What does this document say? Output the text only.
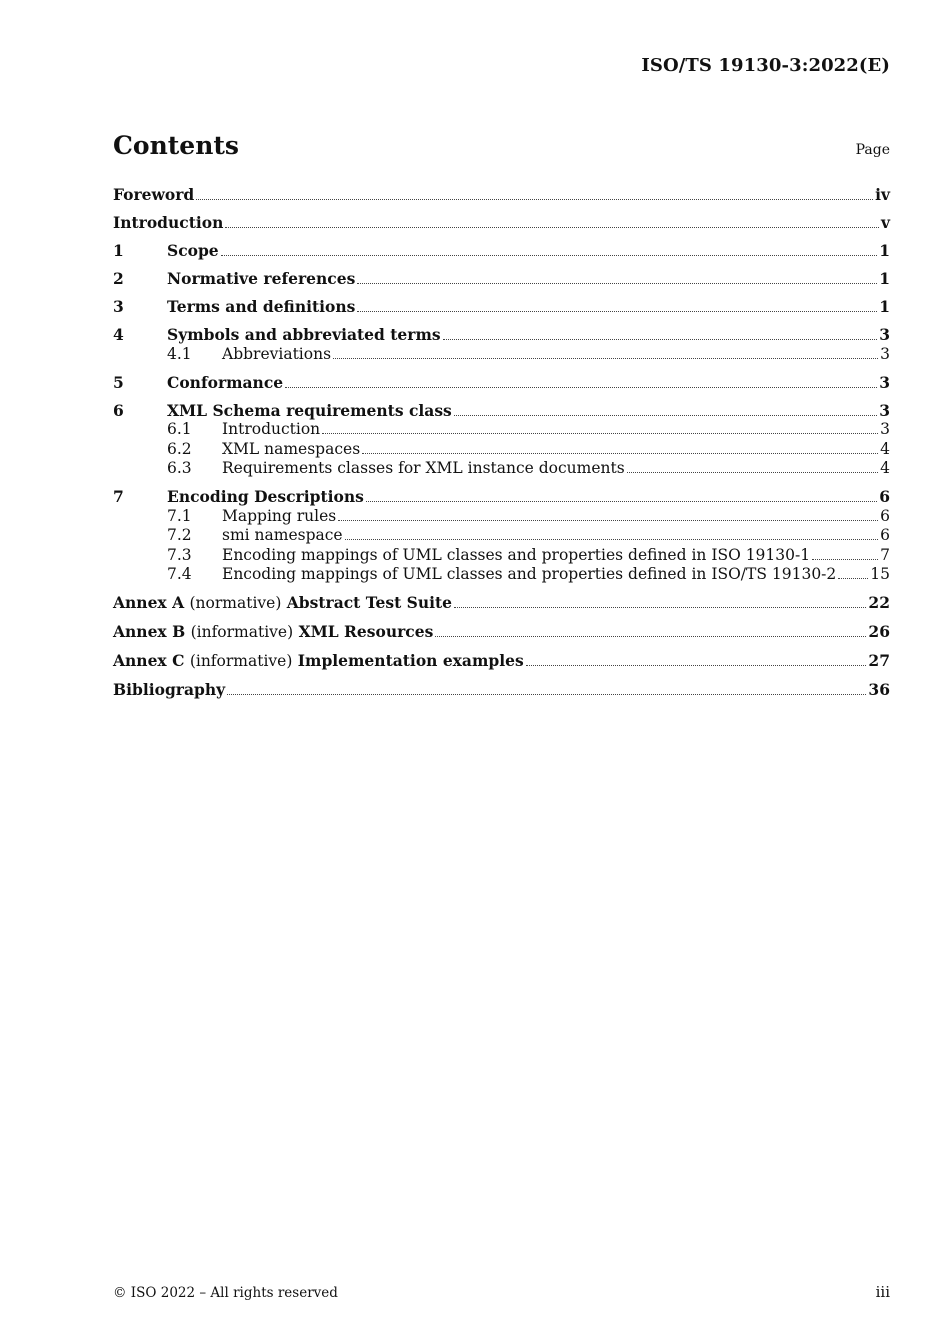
ISO/TS 19130-3:2022(E)
Contents	Page
Foreword	iv
Introduction	v
1	Scope	1
2	Normative references	1
3	Terms and definitions	1
4	Symbols and abbreviated terms	3
4.1	Abbreviations	3
5	Conformance	3
6	XML Schema requirements class	3
6.1	Introduction	3
6.2	XML namespaces	4
6.3	Requirements classes for XML instance documents	4
7	Encoding Descriptions	6
7.1	Mapping rules	6
7.2	smi namespace	6
7.3	Encoding mappings of UML classes and properties defined in ISO 19130-1	7
7.4	Encoding mappings of UML classes and properties defined in ISO/TS 19130-2 15
Annex A (normative) Abstract Test Suite	22
Annex B (informative) XML Resources	26
Annex C (informative) Implementation examples	27
Bibliography	36
© ISO 2022 – All rights reserved	iii
